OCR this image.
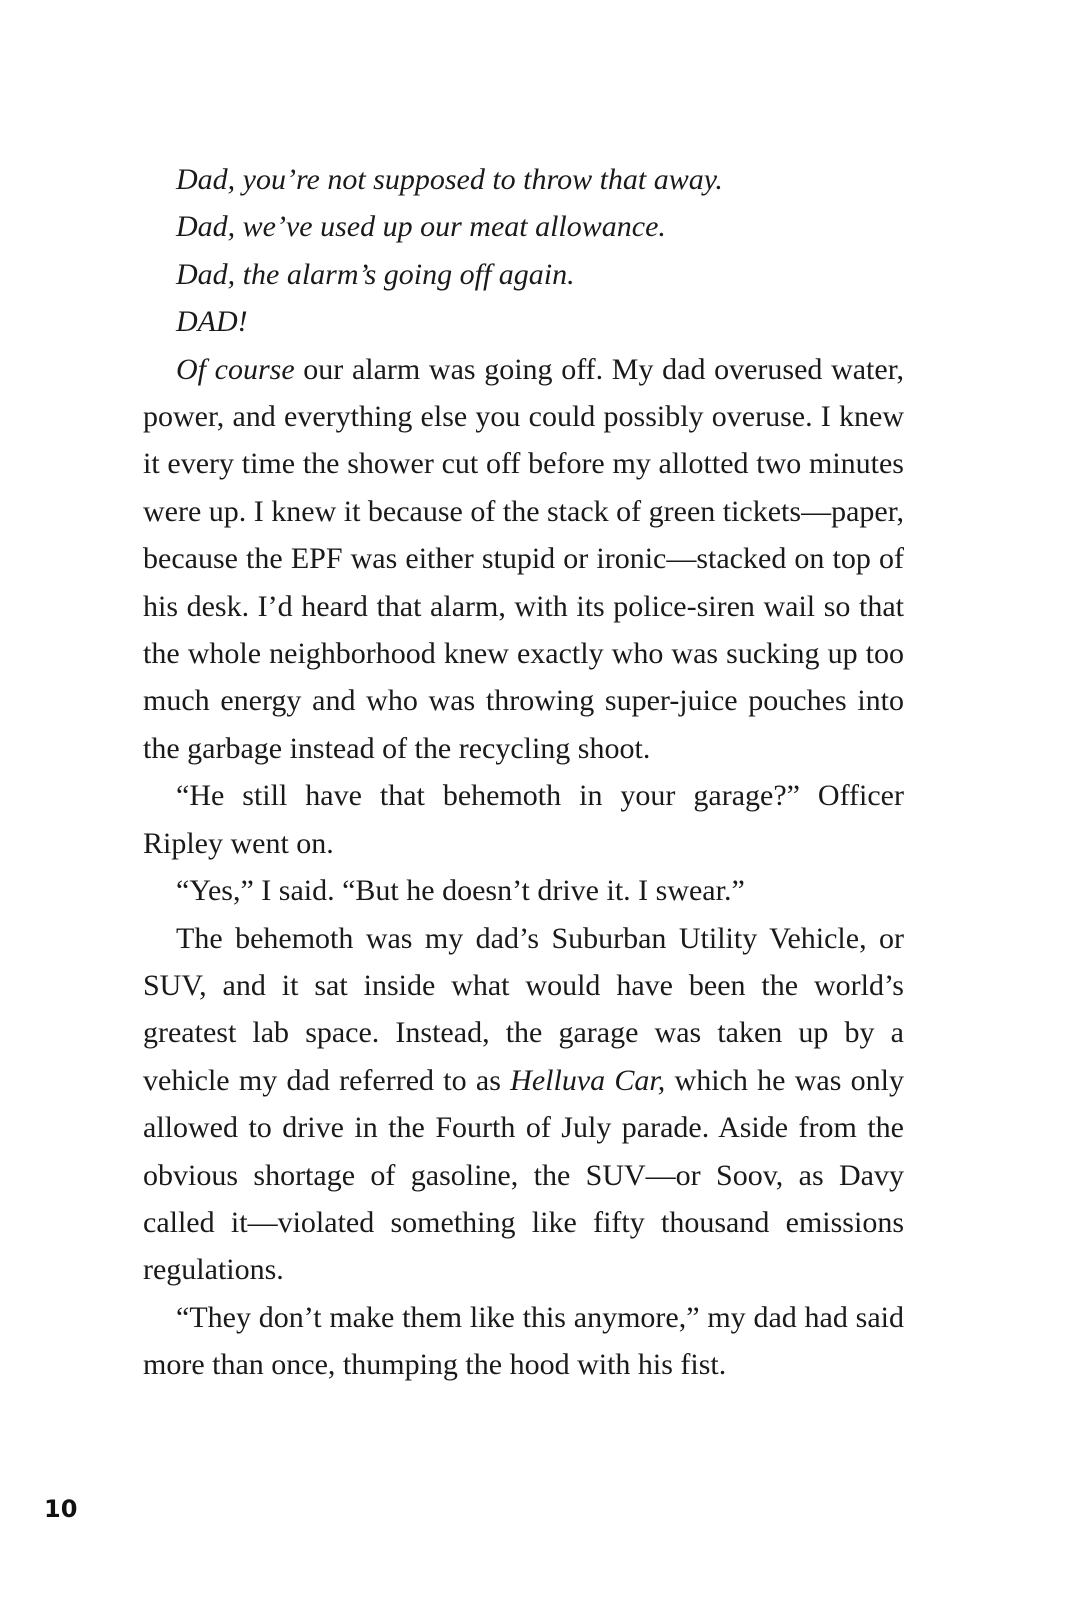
Dad, you’re not supposed to throw that away.

Dad, we’ve used up our meat allowance.

Dad, the alarm’s going off again.

DAD!

Of course our alarm was going off. My dad overused water, power, and everything else you could possibly overuse. I knew it every time the shower cut off before my allotted two minutes were up. I knew it because of the stack of green tickets—paper, because the EPF was either stupid or ironic—stacked on top of his desk. I’d heard that alarm, with its police-siren wail so that the whole neighborhood knew exactly who was sucking up too much energy and who was throwing super-juice pouches into the garbage instead of the recycling shoot.

“He still have that behemoth in your garage?” Officer Ripley went on.

“Yes,” I said. “But he doesn’t drive it. I swear.”

The behemoth was my dad’s Suburban Utility Vehicle, or SUV, and it sat inside what would have been the world’s greatest lab space. Instead, the garage was taken up by a vehicle my dad referred to as Helluva Car, which he was only allowed to drive in the Fourth of July parade. Aside from the obvious shortage of gasoline, the SUV—or Soov, as Davy called it—violated something like fifty thousand emissions regulations.

“They don’t make them like this anymore,” my dad had said more than once, thumping the hood with his fist.

10
